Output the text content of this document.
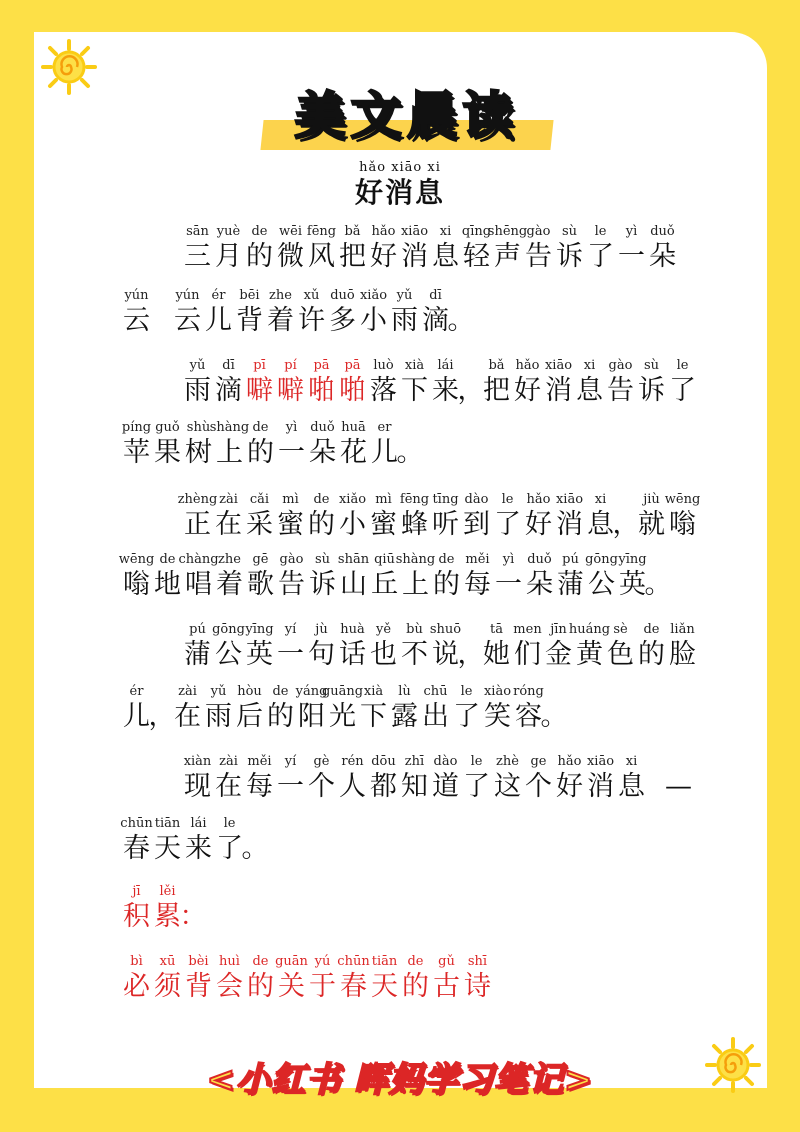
美文晨读
hǎo xiāo xi
好消息
sān
三
yuè
月
de
的
wēi
微
fēng
风
bǎ
把
hǎo
好
xiāo
消
xi
息
qīng
轻
shēng
声
gào
告
sù
诉
le
了
yì
一
duǒ
朵
yún
云
yún
云
ér
儿
bēi
背
zhe
着
xǔ
许
duō
多
xiǎo
小
yǔ
雨
dī
滴
。
yǔ
雨
dī
滴
pī
噼
pí
噼
pā
啪
pā
啪
luò
落
xià
下
lái
来
，
bǎ
把
hǎo
好
xiāo
消
xi
息
gào
告
sù
诉
le
了
píng
苹
guǒ
果
shù
树
shàng
上
de
的
yì
一
duǒ
朵
huā
花
er
儿
。
zhèng
正
zài
在
cǎi
采
mì
蜜
de
的
xiǎo
小
mì
蜜
fēng
蜂
tīng
听
dào
到
le
了
hǎo
好
xiāo
消
xi
息
，
jiù
就
wēng
嗡
wēng
嗡
de
地
chàng
唱
zhe
着
gē
歌
gào
告
sù
诉
shān
山
qiū
丘
shàng
上
de
的
měi
每
yì
一
duǒ
朵
pú
蒲
gōng
公
yīng
英
。
pú
蒲
gōng
公
yīng
英
yí
一
jù
句
huà
话
yě
也
bù
不
shuō
说
，
tā
她
men
们
jīn
金
huáng
黄
sè
色
de
的
liǎn
脸
ér
儿
，
zài
在
yǔ
雨
hòu
后
de
的
yáng
阳
guāng
光
xià
下
lù
露
chū
出
le
了
xiào
笑
róng
容
。
xiàn
现
zài
在
měi
每
yí
一
gè
个
rén
人
dōu
都
zhī
知
dào
道
le
了
zhè
这
ge
个
hǎo
好
xiāo
消
xi
息 —
chūn
春
tiān
天
lái
来
le
了
。
jī
积
lěi
累
：
bì
必
xū
须
bèi
背
huì
会
de
的
guān
关
yú
于
chūn
春
tiān
天
de
的
gǔ
古
shī
诗
<小红书 晖妈学习笔记>
